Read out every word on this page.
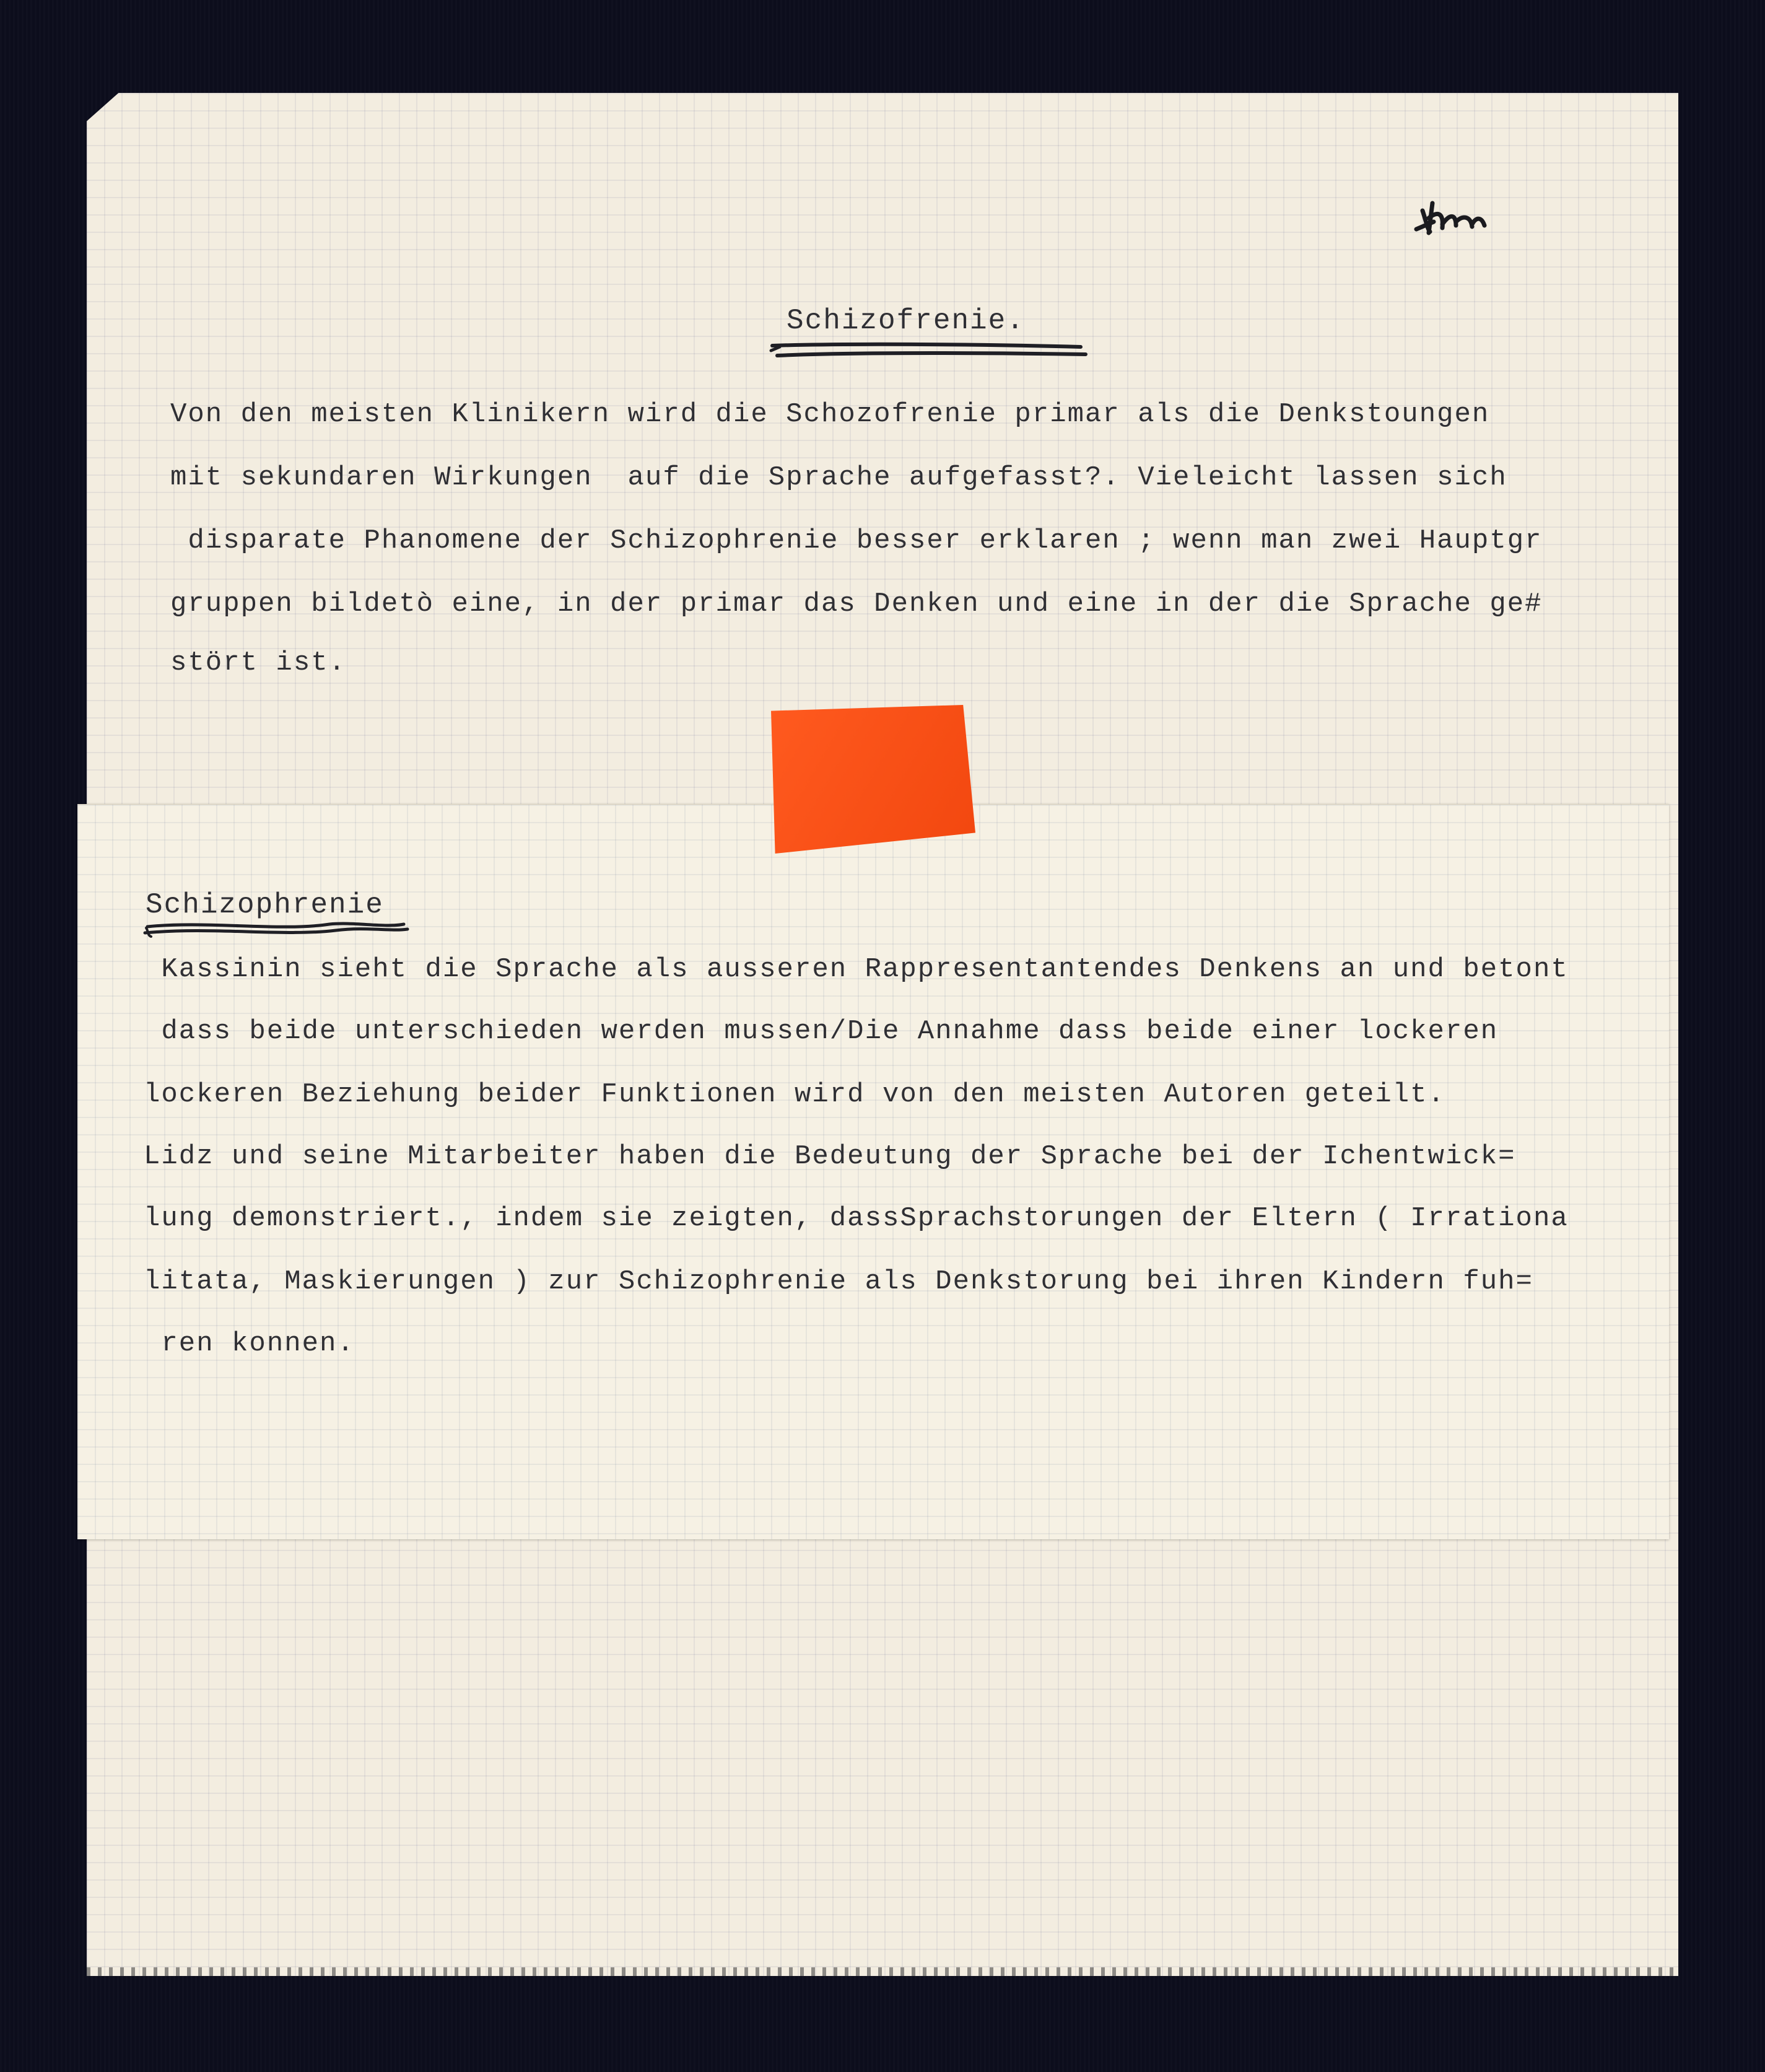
Schizofrenie.

Von den meisten Klinikern wird die Schozofrenie primar als die Denkstoungen

mit sekundaren Wirkungen  auf die Sprache aufgefasst?. Vieleicht lassen sich

disparate Phanomene der Schizophrenie besser erklaren ; wenn man zwei Hauptgr

gruppen bildetò eine, in der primar das Denken und eine in der die Sprache ge#

stört ist.

Schizophrenie

Kassinin sieht die Sprache als ausseren Rappresentantendes Denkens an und betont

dass beide unterschieden werden mussen/Die Annahme dass beide einer lockeren

lockeren Beziehung beider Funktionen wird von den meisten Autoren geteilt.

Lidz und seine Mitarbeiter haben die Bedeutung der Sprache bei der Ichentwick=

lung demonstriert., indem sie zeigten, dassSprachstorungen der Eltern ( Irrationa

litata, Maskierungen ) zur Schizophrenie als Denkstorung bei ihren Kindern fuh=

ren konnen.
